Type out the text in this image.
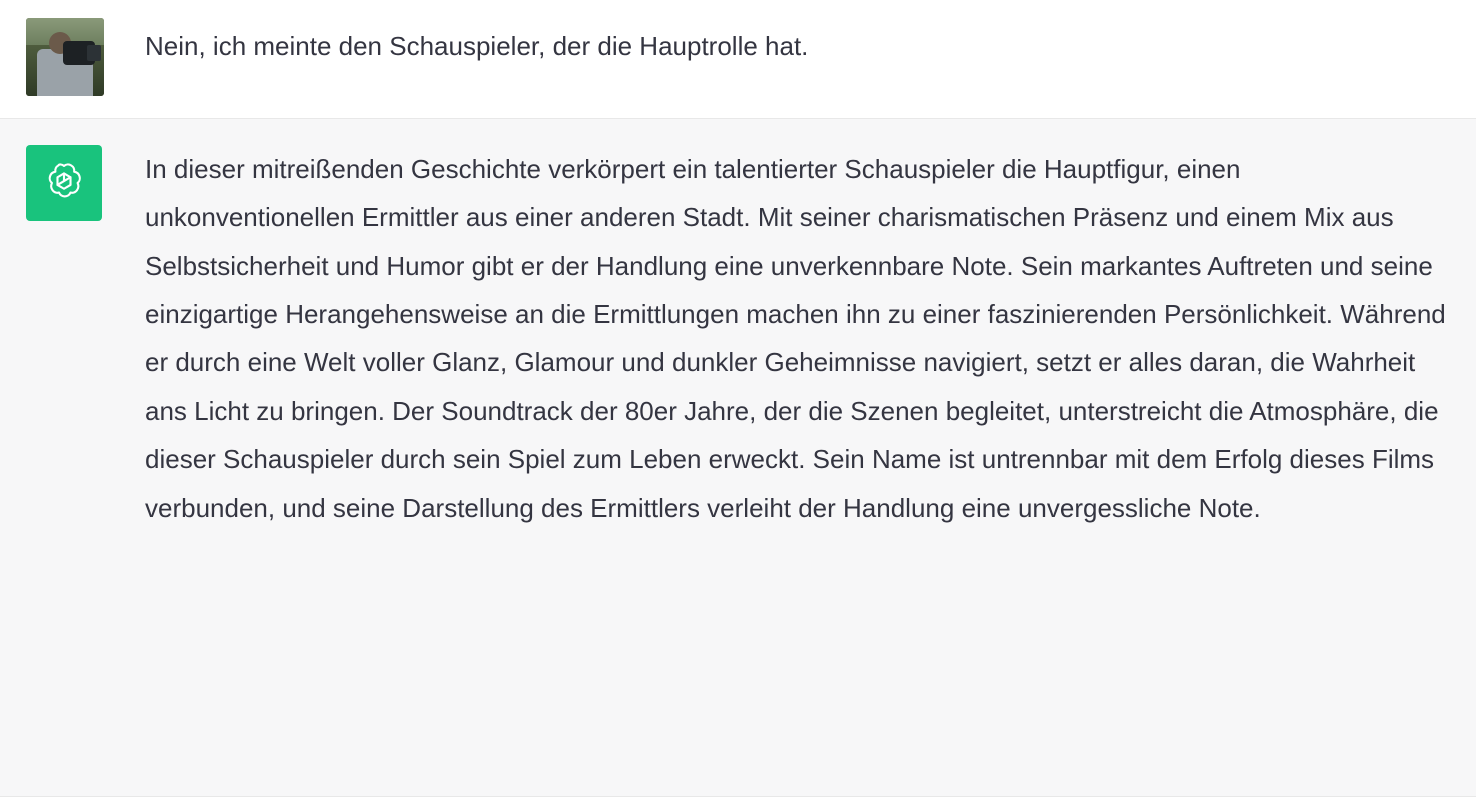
Nein, ich meinte den Schauspieler, der die Hauptrolle hat.

In dieser mitreißenden Geschichte verkörpert ein talentierter Schauspieler die Hauptfigur, einen unkonventionellen Ermittler aus einer anderen Stadt. Mit seiner charismatischen Präsenz und einem Mix aus Selbstsicherheit und Humor gibt er der Handlung eine unverkennbare Note. Sein markantes Auftreten und seine einzigartige Herangehensweise an die Ermittlungen machen ihn zu einer faszinierenden Persönlichkeit. Während er durch eine Welt voller Glanz, Glamour und dunkler Geheimnisse navigiert, setzt er alles daran, die Wahrheit ans Licht zu bringen. Der Soundtrack der 80er Jahre, der die Szenen begleitet, unterstreicht die Atmosphäre, die dieser Schauspieler durch sein Spiel zum Leben erweckt. Sein Name ist untrennbar mit dem Erfolg dieses Films verbunden, und seine Darstellung des Ermittlers verleiht der Handlung eine unvergessliche Note.
